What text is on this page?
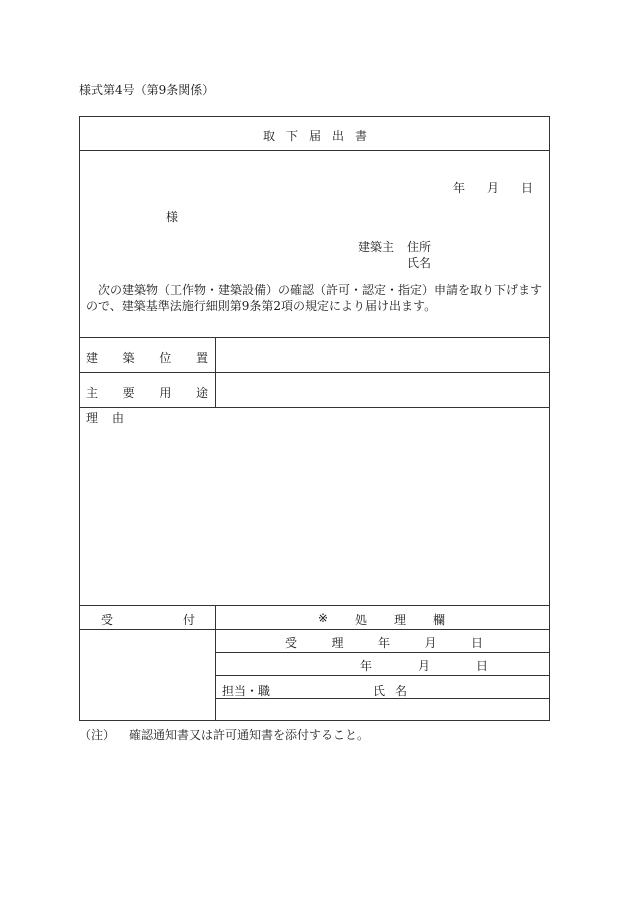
様式第4号（第9条関係）
取 下 届 出 書
年 月 日
様
建築主 住所
氏名
次の建築物（工作物・建築設備）の確認（許可・認定・指定）申請を取り下げますので、建築基準法施行細則第9条第2項の規定により届け出ます。
建 築 位 置
主 要 用 途
理 由
受	付	※ 処 理 欄
受	理	年	月	日
年	月	日
担当・職	氏 名
（注） 確認通知書又は許可通知書を添付すること。
